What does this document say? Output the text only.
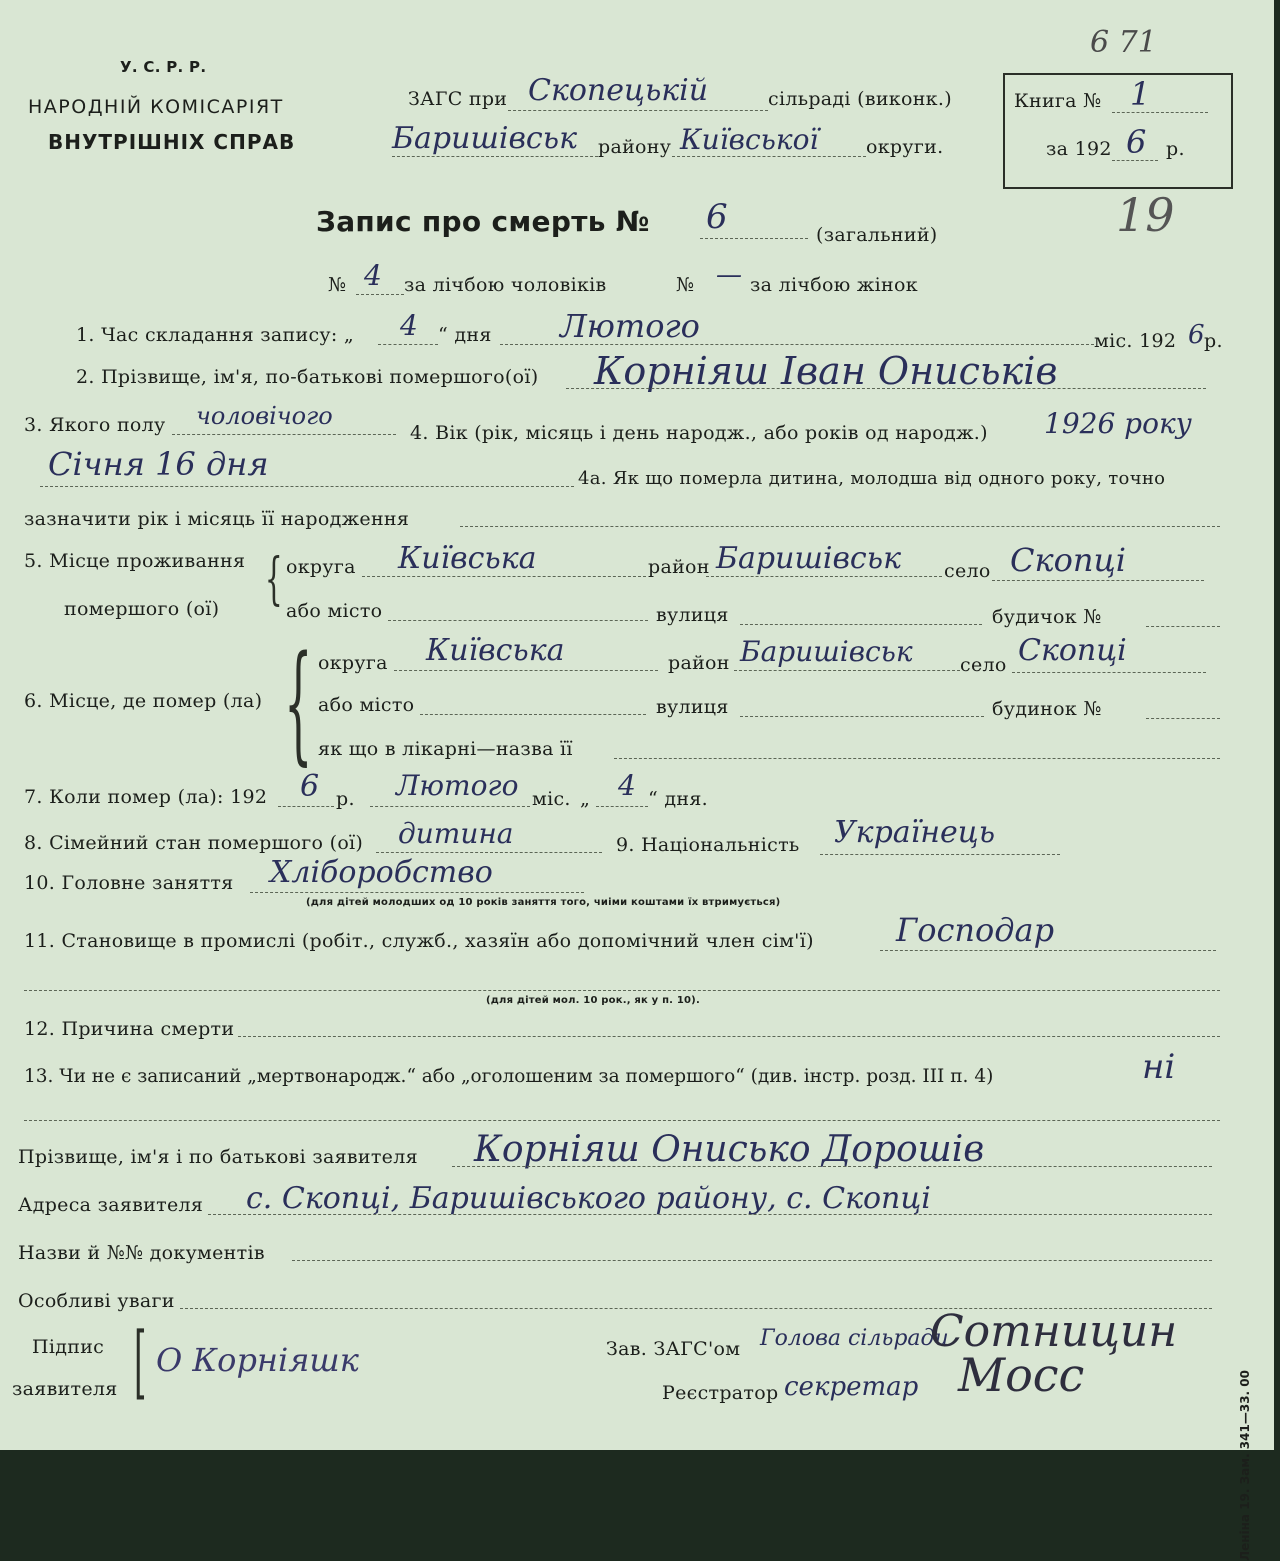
У. С. Р. Р.
НАРОДНІЙ КОМІСАРІЯТ
ВНУТРІШНІХ СПРАВ
ЗАГС при Скопецькій	сільраді (виконк.)
Баришівськ району Київської	округи.
6 71
Книга № 1
за 192 6 р.
Запис про смерть № 6	(загальний)	19
№ 4 за лічбою чоловіків	№ — за лічбою жінок
1. Час складання запису: „ 4 “ дня Лютого	міс. 192 6 р.
2. Прізвище, ім'я, по-батькові помершого(ої) Корніяш Іван Ониськів
3. Якого полу чоловічого
4. Вік (рік, місяць і день народж., або років од народж.) 1926 року
Січня 16 дня	4а. Як що померла дитина, молодша від одного року, точно
зазначити рік і місяць її народження
5. Місце проживання
помершого (ої) { округа Київська	район Баришівськ село Скопці
або місто	вулиця	будичок №
{ округа Київська	район Баришівськ село Скопці
6. Місце, де помер (ла)	або місто	вулиця	будинок №
як що в лікарні—назва її
7. Коли помер (ла): 192 6 р. Лютого міс. „ 4 “ дня.
8. Сімейний стан помершого (ої) дитина	9. Національність Українець
10. Головне заняття Хліборобство
(для дітей молодших од 10 років заняття того, чиіми коштами їх втримується)
11. Становище в промислі (робіт., служб., хазяїн або допомічний член сім'ї)	Господар
(для дітей мол. 10 рок., як у п. 10).
12. Причина смерти
13. Чи не є записаний „мертвонародж.“ або „оголошеним за помершого“ (див. інстр. розд. III п. 4)	ні
Прізвище, ім'я і по батькові заявителя Корніяш Онисько Дорошів
Адреса заявителя с. Скопці, Баришівського району, с. Скопці
Назви й №№ документів
Особливі уваги
Підпис
заявителя [ О Корніяшк	Зав. ЗАГС'ом Голова сільради
Сотницин
Реєстратор секретар Мосс	Леніна 19. Зам. 341—33. 00
